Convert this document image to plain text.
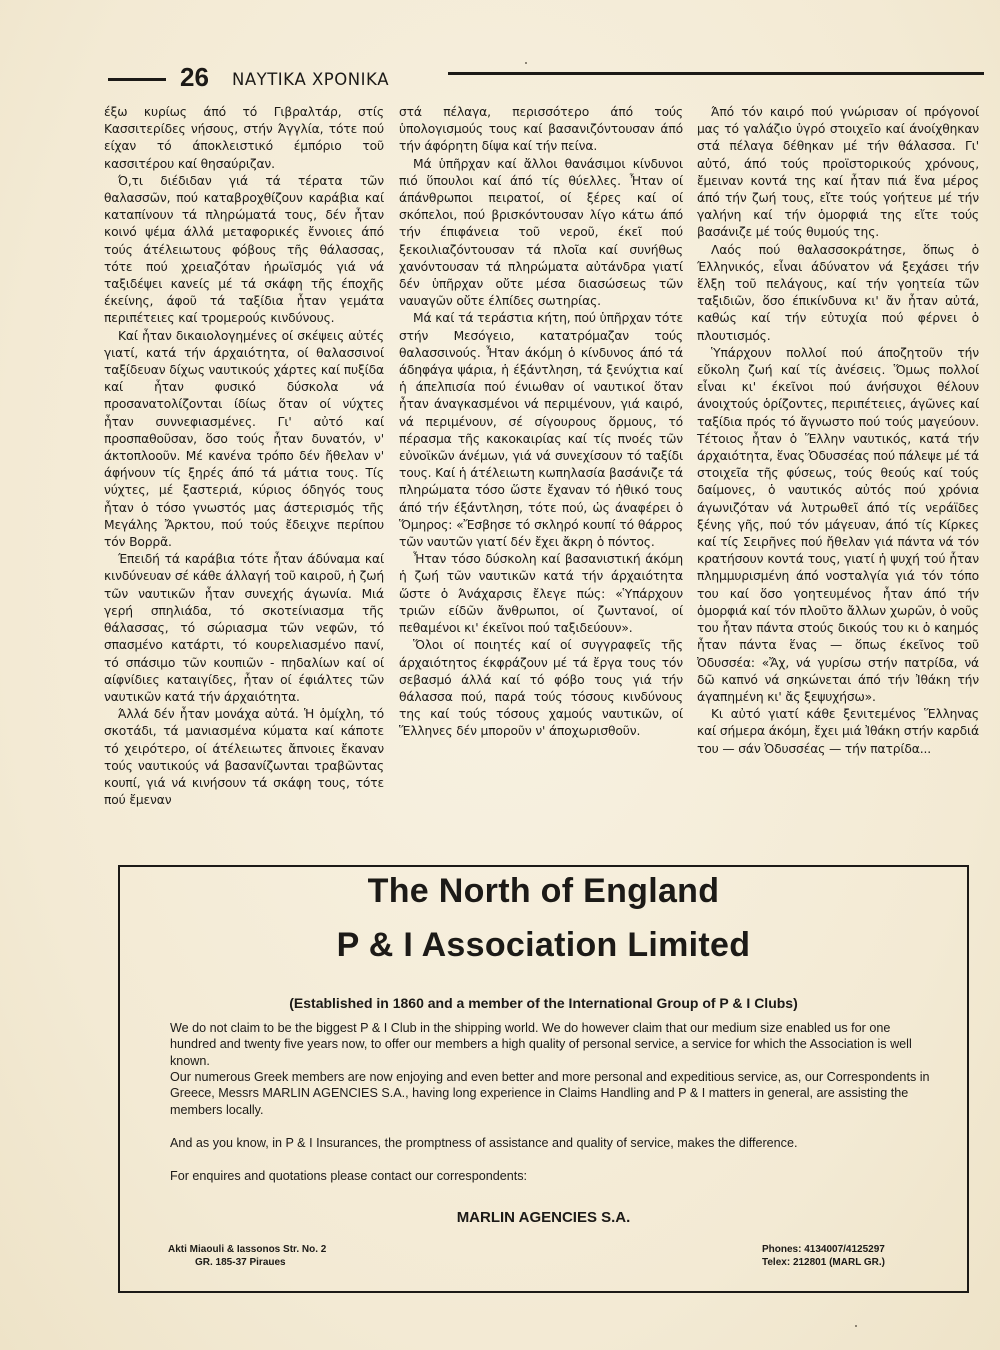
26 ΝΑΥΤΙΚΑ ΧΡΟΝΙΚΑ

έξω κυρίως άπό τό Γιβραλτάρ, στίς Κασσιτερίδες νήσους, στήν Άγγλία, τότε πού είχαν τό άποκλειστικό έμπόριο τοῦ κασσιτέρου καί θησαύριζαν.

Ό,τι διέδιδαν γιά τά τέρατα τῶν θαλασσῶν, πού καταβροχθίζουν καράβια καί καταπίνουν τά πληρώματά τους, δέν ἦταν κοινό ψέμα άλλά μεταφορικές ἔννοιες άπό τούς άτέλειωτους φόβους τῆς θάλασσας, τότε πού χρειαζόταν ἡρωϊσμός γιά νά ταξιδέψει κανείς μέ τά σκάφη τῆς έποχῆς έκείνης, άφοῦ τά ταξίδια ἦταν γεμάτα περιπέτειες καί τρομερούς κινδύνους.

Καί ἦταν δικαιολογημένες οί σκέψεις αὐτές γιατί, κατά τήν άρχαιότητα, οί θαλασσινοί ταξίδευαν δίχως ναυτικούς χάρτες καί πυξίδα καί ἦταν φυσικό δύσκολα νά προσανατολίζονται ίδίως ὅταν οί νύχτες ἦταν συννεφιασμένες. Γι' αὐτό καί προσπαθοῦσαν, ὅσο τούς ἦταν δυνατόν, ν' άκτοπλοοῦν. Μέ κανένα τρόπο δέν ἤθελαν ν' άφήνουν τίς ξηρές άπό τά μάτια τους. Τίς νύχτες, μέ ξαστεριά, κύριος όδηγός τους ἦταν ὁ τόσο γνωστός μας άστερισμός τῆς Μεγάλης Ἄρκτου, πού τούς ἔδειχνε περίπου τόν Βορρᾶ.

Έπειδή τά καράβια τότε ἦταν άδύναμα καί κινδύνευαν σέ κάθε άλλαγή τοῦ καιροῦ, ἡ ζωή τῶν ναυτικῶν ἦταν συνεχής άγωνία. Μιά γερή σπηλιάδα, τό σκοτείνιασμα τῆς θάλασσας, τό σώριασμα τῶν νεφῶν, τό σπασμένο κατάρτι, τό κουρελιασμένο πανί, τό σπάσιμο τῶν κουπιῶν - πηδαλίων καί οί αίφνίδιες καταιγίδες, ἦταν οί έφιάλτες τῶν ναυτικῶν κατά τήν άρχαιότητα.

Άλλά δέν ἦταν μονάχα αὐτά. Ἡ ὁμίχλη, τό σκοτάδι, τά μανιασμένα κύματα καί κάποτε τό χειρότερο, οί άτέλειωτες ἄπνοιες ἔκαναν τούς ναυτικούς νά βασανίζωνται τραβῶντας κουπί, γιά νά κινήσουν τά σκάφη τους, τότε πού ἔμεναν

στά πέλαγα, περισσότερο άπό τούς ὑπολογισμούς τους καί βασανιζόντουσαν άπό τήν άφόρητη δίψα καί τήν πείνα.

Μά ὑπῆρχαν καί ἄλλοι θανάσιμοι κίνδυνοι πιό ὕπουλοι καί άπό τίς θύελλες. Ἦταν οί άπάνθρωποι πειρατοί, οί ξέρες καί οί σκόπελοι, πού βρισκόντουσαν λίγο κάτω άπό τήν έπιφάνεια τοῦ νεροῦ, έκεῖ πού ξεκοιλιαζόντουσαν τά πλοῖα καί συνήθως χανόντουσαν τά πληρώματα αὐτάνδρα γιατί δέν ὑπῆρχαν οὔτε μέσα διασώσεως τῶν ναυαγῶν οὔτε έλπίδες σωτηρίας.

Μά καί τά τεράστια κήτη, πού ὑπῆρχαν τότε στήν Μεσόγειο, κατατρόμαζαν τούς θαλασσινούς. Ἦταν άκόμη ὁ κίνδυνος άπό τά άδηφάγα ψάρια, ἡ έξάντληση, τά ξενύχτια καί ἡ άπελπισία πού ένιωθαν οί ναυτικοί ὅταν ἦταν άναγκασμένοι νά περιμένουν, γιά καιρό, νά περιμένουν, σέ σίγουρους ὅρμους, τό πέρασμα τῆς κακοκαιρίας καί τίς πνοές τῶν εὐνοϊκῶν άνέμων, γιά νά συνεχίσουν τό ταξίδι τους. Καί ἡ άτέλειωτη κωπηλασία βασάνιζε τά πληρώματα τόσο ὥστε ἔχαναν τό ἠθικό τους άπό τήν έξάντληση, τότε πού, ὡς άναφέρει ὁ Ὅμηρος: «Ἔσβησε τό σκληρό κουπί τό θάρρος τῶν ναυτῶν γιατί δέν ἔχει ἄκρη ὁ πόντος.

Ἦταν τόσο δύσκολη καί βασανιστική άκόμη ἡ ζωή τῶν ναυτικῶν κατά τήν άρχαιότητα ὥστε ὁ Άνάχαρσις ἔλεγε πώς: «Ὑπάρχουν τριῶν είδῶν ἄνθρωποι, οί ζωντανοί, οί πεθαμένοι κι' έκεῖνοι πού ταξιδεύουν».

Ὅλοι οί ποιητές καί οί συγγραφεῖς τῆς άρχαιότητος έκφράζουν μέ τά ἔργα τους τόν σεβασμό άλλά καί τό φόβο τους γιά τήν θάλασσα πού, παρά τούς τόσους κινδύνους της καί τούς τόσους χαμούς ναυτικῶν, οί Ἕλληνες δέν μποροῦν ν' άποχωρισθοῦν.

Άπό τόν καιρό πού γνώρισαν οί πρόγονοί μας τό γαλάζιο ὑγρό στοιχεῖο καί άνοίχθηκαν στά πέλαγα δέθηκαν μέ τήν θάλασσα. Γι' αὐτό, άπό τούς προϊστορικούς χρόνους, ἔμειναν κοντά της καί ἦταν πιά ἕνα μέρος άπό τήν ζωή τους, εἴτε τούς γοήτευε μέ τήν γαλήνη καί τήν ὁμορφιά της εἴτε τούς βασάνιζε μέ τούς θυμούς της.

Λαός πού θαλασσοκράτησε, ὅπως ὁ Έλληνικός, εἶναι άδύνατον νά ξεχάσει τήν ἕλξη τοῦ πελάγους, καί τήν γοητεία τῶν ταξιδιῶν, ὅσο έπικίνδυνα κι' ἄν ἦταν αὐτά, καθώς καί τήν εὐτυχία πού φέρνει ὁ πλουτισμός.

Ὑπάρχουν πολλοί πού άποζητοῦν τήν εὔκολη ζωή καί τίς ἀνέσεις. Ὅμως πολλοί εἶναι κι' έκεῖνοι πού άνήσυχοι θέλουν άνοιχτούς ὁρίζοντες, περιπέτειες, άγῶνες καί ταξίδια πρός τό ἄγνωστο πού τούς μαγεύουν. Τέτοιος ἦταν ὁ Ἕλλην ναυτικός, κατά τήν άρχαιότητα, ἕνας Ὀδυσσέας πού πάλεψε μέ τά στοιχεῖα τῆς φύσεως, τούς θεούς καί τούς δαίμονες, ὁ ναυτικός αὐτός πού χρόνια άγωνιζόταν νά λυτρωθεῖ άπό τίς νεράϊδες ξένης γῆς, πού τόν μάγευαν, άπό τίς Κίρκες καί τίς Σειρῆνες πού ἤθελαν γιά πάντα νά τόν κρατήσουν κοντά τους, γιατί ἡ ψυχή τού ἦταν πλημμυρισμένη άπό νοσταλγία γιά τόν τόπο του καί ὅσο γοητευμένος ἦταν άπό τήν ὁμορφιά καί τόν πλοῦτο ἄλλων χωρῶν, ὁ νοῦς του ἦταν πάντα στούς δικούς του κι ὁ καημός ἦταν πάντα ἕνας — ὅπως έκεῖνος τοῦ Ὀδυσσέα: «Ἄχ, νά γυρίσω στήν πατρίδα, νά δῶ καπνό νά σηκώνεται άπό τήν Ἰθάκη τήν άγαπημένη κι' ἄς ξεψυχήσω».

Κι αὐτό γιατί κάθε ξενιτεμένος Ἕλληνας καί σήμερα άκόμη, ἔχει μιά Ἰθάκη στήν καρδιά του — σάν Ὀδυσσέας — τήν πατρίδα...

The North of England
P & I Association Limited
(Established in 1860 and a member of the International Group of P & I Clubs)
We do not claim to be the biggest P & I Club in the shipping world. We do however claim that our medium size enabled us for one hundred and twenty five years now, to offer our members a high quality of personal service, a service for which the Association is well known.
Our numerous Greek members are now enjoying and even better and more personal and expeditious service, as, our Correspondents in Greece, Messrs MARLIN AGENCIES S.A., having long experience in Claims Handling and P & I matters in general, are assisting the members locally.
And as you know, in P & I Insurances, the promptness of assistance and quality of service, makes the difference.
For enquires and quotations please contact our correspondents:
MARLIN AGENCIES S.A.
Akti Miaouli & Iassonos Str. No. 2
GR. 185-37 Piraues
Phones: 4134007/4125297
Telex: 212801 (MARL GR.)
